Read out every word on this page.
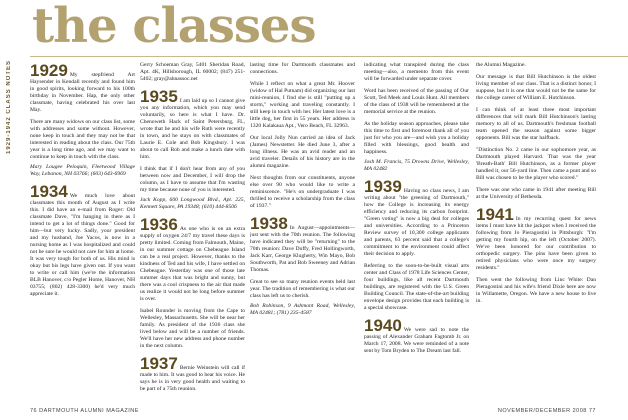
the classes
1929-1942 CLASS NOTES	1929 My stepfriend Art Haysender in Kendall recently and found him in good spirits, looking forward to his 100th birthday in November. Hap, the only other classmate, having celebrated his over last May.

There are many widows on our class list, some with addresses and some without. However, none keep in touch and they may not be that interested in reading about the class. Our 75th year is a long time ago, and we may want to continue to keep in touch with the class.

Mary Lougee Peloquin, Fleetwood Village Way, Lebanon, NH 03766; (603) 643-6969

1934 We much love about classmates this month of August as I write this. I did have an e-mail from Roger: Old classmate Dave, "I'm hanging in there as I intend to get a lot of things done." Good for him—but very lucky. Sadly, your president and my husband, Joe Yacos, is now in a nursing home as I was hospitalized and could not be sure he would not care for him at home. It was very tough for both of us. His mind is okay but his legs have given out. If you want to write or call him (we're the information BLB Hanover, c/o Pegler Home, Hanover, NH 03755; (802) 428-3300) he'd very much appreciate it.

Gerry Schoeman Gray, 5401 Sheridan Road, Apt. 4K, Hillsborough, IL 60002; (847) 251-5402; gray@ahnassoc.net

1935 I am laid up so I cannot give you any information, which you may send voluntarily, so here is what I have. Dr. Chenoweth Hack of Saint Petersburg, FL, wrote that he and his wife Ruth were recently in town, and he stays on with classmates of Laurie E. Cole and Bob Kingsbury. I was about to call Bob and make a lunch date with him.

I think that if I don't hear from any of you between now and December, I will drop the column, as I have to assume that I'm wasting my time because none of you is interested.

Jack Kopp, 600 Longwood Blvd., Apt. 225, Kennett Square, PA 19348; (610) 444-8506

1936 As one who is on an extra supply of oxygen 24/7 my travel these days is pretty limited. Coming from Falmouth, Maine, in our summer cottage on Chebeague Island can be a real project. However, thanks to the kindness of Ted and his wife, I have settled on Chebeague. Yesterday was one of those late summer days that was bright and sunny, but there was a cool crispness to the air that made us realize it would not be long before summer is over.

Isabel Rounder is moving from the Cape to Wellesley, Massachusetts. She will be near her family. As president of the 1936 class she lived below and will be a number of friends. We'll have her new address and phone number in the next column.

1937 Bernie Weinstein will call if made to him. It was good to hear his voice. He says he is in very good health and waiting to be part of a 75th reunion.

lasting time for Dartmouth classmates and connections.

While I reflect on what a great Mr. Hoover (widow of Hal Putnam) did organizing our last mini-reunion, I find she is still "putting up a storm," working and traveling constantly. I still keep in touch with her. Her latest love is a little dog, her first in 55 years. Her address is 1320 Kalakaua Apt., Vero Beach, FL 32963.

Our local Jolly Nun carried an idea of Jack (James) Newstetter. He died June 3, after a long illness. He was an avid reader and an avid traveler. Details of his history are in the alumni magazine.

Next thoughts from our constituents, anyone else over 90 who would like to write a reminiscence. "He's on undergraduate I was thrilled to receive a scholarship from the class of 1937."

1938 In August—appointments—just sent with the 70th reunion. The following have indicated they will be "returning" to the 70th reunion: Dave Duffy, Fred Hollingworth, Jack Karr, George Klugherty, Win Mayo, Bob Southworth, Pat and Bob Sweeney and Adrian Thomas.

Great to see so many reunion events held last year. The tradition of remembering is what our class has left us to cherish.

Bob Robinson, 9 Ashmont Road, Wellesley, MA 02481; (781) 235-4587

indicating what transpired during the class meeting—also, a memento from this event will be forwarded under separate cover.

Word has been received of the passing of Our Scott, Ted Meek and Louis Hunt. All members of the class of 1938 will be remembered at the memorial service at the reunion.

As the holiday season approaches, please take this time to first and foremost thank all of you just for who you are—and wish you a holiday filled with blessings, good health and happiness.

Josh M. Francis, 75 Drowns Drive, Wellesley, MA 02482

1939 Having no class news, I am writing about "the greening of Dartmouth," how the College is increasing its energy efficiency and reducing its carbon footprint. "Green voting" is now a big deal for colleges and universities. According to a Princeton Review survey of 10,300 college applicants and parents, 63 percent said that a college's commitment to the environment could affect their decision to apply.

Referring to the soon-to-be-built visual arts center and Class of 1978 Life Sciences Center, four buildings, like all recent Dartmouth buildings, are registered with the U.S. Green Building Council. The state-of-the-art building envelope design provides that each building is a special showcase.

1940 We were sad to note the passing of Alexander Graham Fagtomb Jr. on March 17, 2008. We were reminded of a note sent by Tom Bryden to The Dream last fall.

the Alumni Magazine.

Our message is that Bill Hutchinson is the oldest living member of our class. That is a distinct honor, I suppose, but it is one that would not be the same for the college career of William E. Hutchinson.

I can think of at least three most important differences that will mark Bill Hutchinson's lasting memory to all of us. Dartmouth's freshman football team opened the season against some bigger opponents. Bill was the star halfback.

"Distinction No. 2 came in our sophomore year, as Dartmouth played Harvard. That was the year 'Breath-Bath' Bill Hutchinson, as a former player handled it, our 56-yard line. Then came a punt and so Bill was chosen to be the player who scored."

There was one who came in 1941 after meeting Bill at the University of Bethesda.

1941 In my recurring quest for news items I must have hit the jackpot when I received the following from Jo Pieragostini in Pittsburgh: "I'm getting my fourth hip, on the left (October 2007). We've been honored for our contribution to orthopedic surgery. The pins have been given to retired physicians who were once my surgery residents."

Then went the following from Linc White: Dan Pieragostini and his wife's friend Dixie here are now in Willamette, Oregon. We have a new house to live in.

76 DARTMOUTH ALUMNI MAGAZINE	NOVEMBER/DECEMBER 2008 77
